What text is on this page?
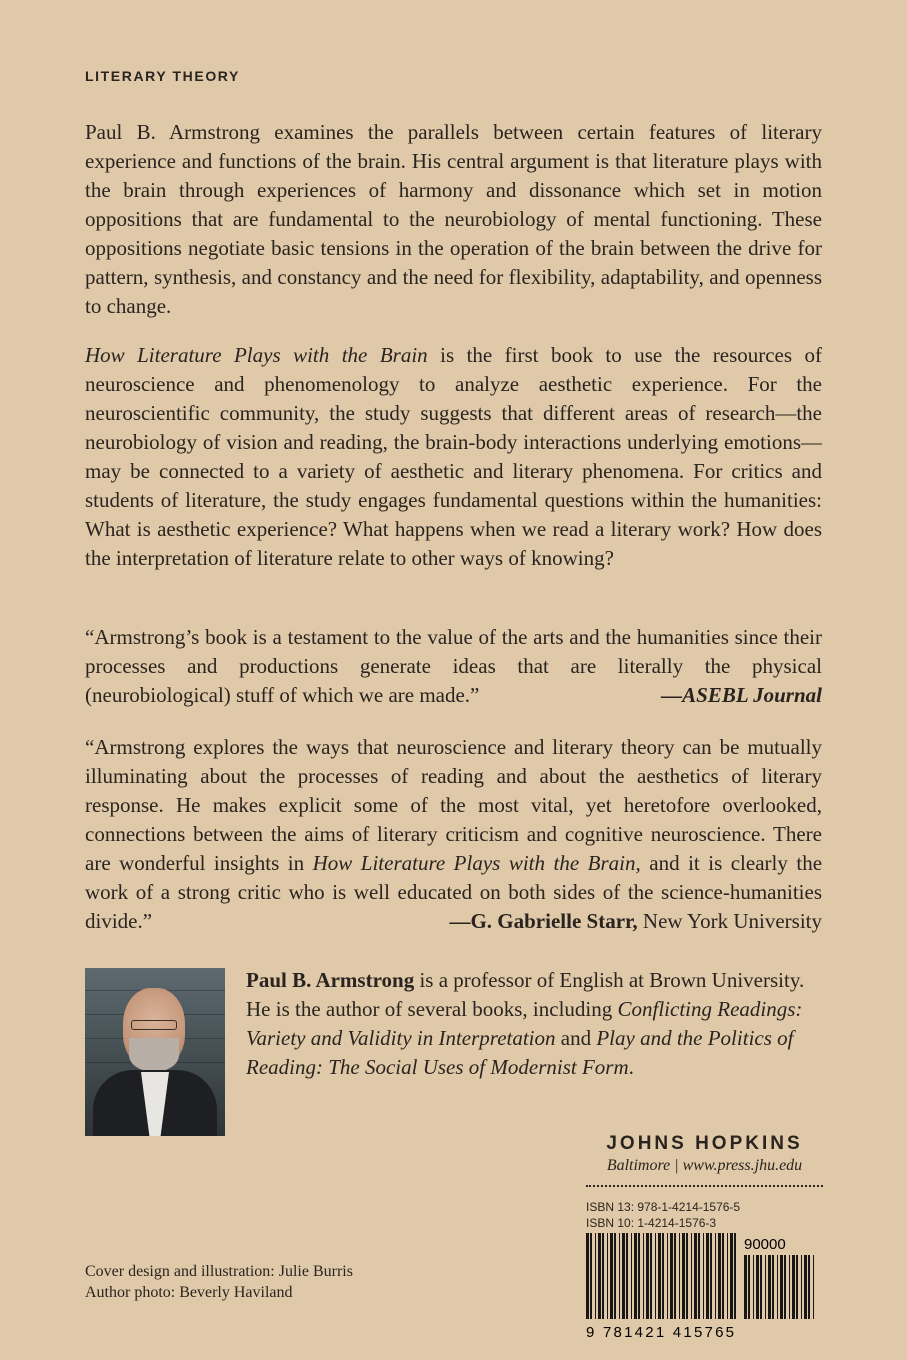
LITERARY THEORY

Paul B. Armstrong examines the parallels between certain features of literary experience and functions of the brain. His central argument is that literature plays with the brain through experiences of harmony and dissonance which set in motion oppositions that are fundamental to the neurobiology of mental functioning. These oppositions negotiate basic tensions in the operation of the brain between the drive for pattern, synthesis, and constancy and the need for flexibility, adaptability, and openness to change.

How Literature Plays with the Brain is the first book to use the resources of neuroscience and phenomenology to analyze aesthetic experience. For the neuroscientific community, the study suggests that different areas of research—the neurobiology of vision and reading, the brain-body interactions underlying emotions—may be connected to a variety of aesthetic and literary phenomena. For critics and students of literature, the study engages fundamental questions within the humanities: What is aesthetic experience? What happens when we read a literary work? How does the interpretation of literature relate to other ways of knowing?

“Armstrong’s book is a testament to the value of the arts and the humanities since their processes and productions generate ideas that are literally the physical (neurobiological) stuff of which we are made.”	—ASEBL Journal

“Armstrong explores the ways that neuroscience and literary theory can be mutually illuminating about the processes of reading and about the aesthetics of literary response. He makes explicit some of the most vital, yet heretofore overlooked, connections between the aims of literary criticism and cognitive neuroscience. There are wonderful insights in How Literature Plays with the Brain, and it is clearly the work of a strong critic who is well educated on both sides of the science-humanities divide.”	—G. Gabrielle Starr, New York University

Paul B. Armstrong is a professor of English at Brown University. He is the author of several books, including Conflicting Readings: Variety and Validity in Interpretation and Play and the Politics of Reading: The Social Uses of Modernist Form.

JOHNS HOPKINS
Baltimore | www.press.jhu.edu
ISBN 13: 978-1-4214-1576-5
ISBN 10: 1-4214-1576-3
90000
9 781421 415765
Cover design and illustration: Julie Burris
Author photo: Beverly Haviland
